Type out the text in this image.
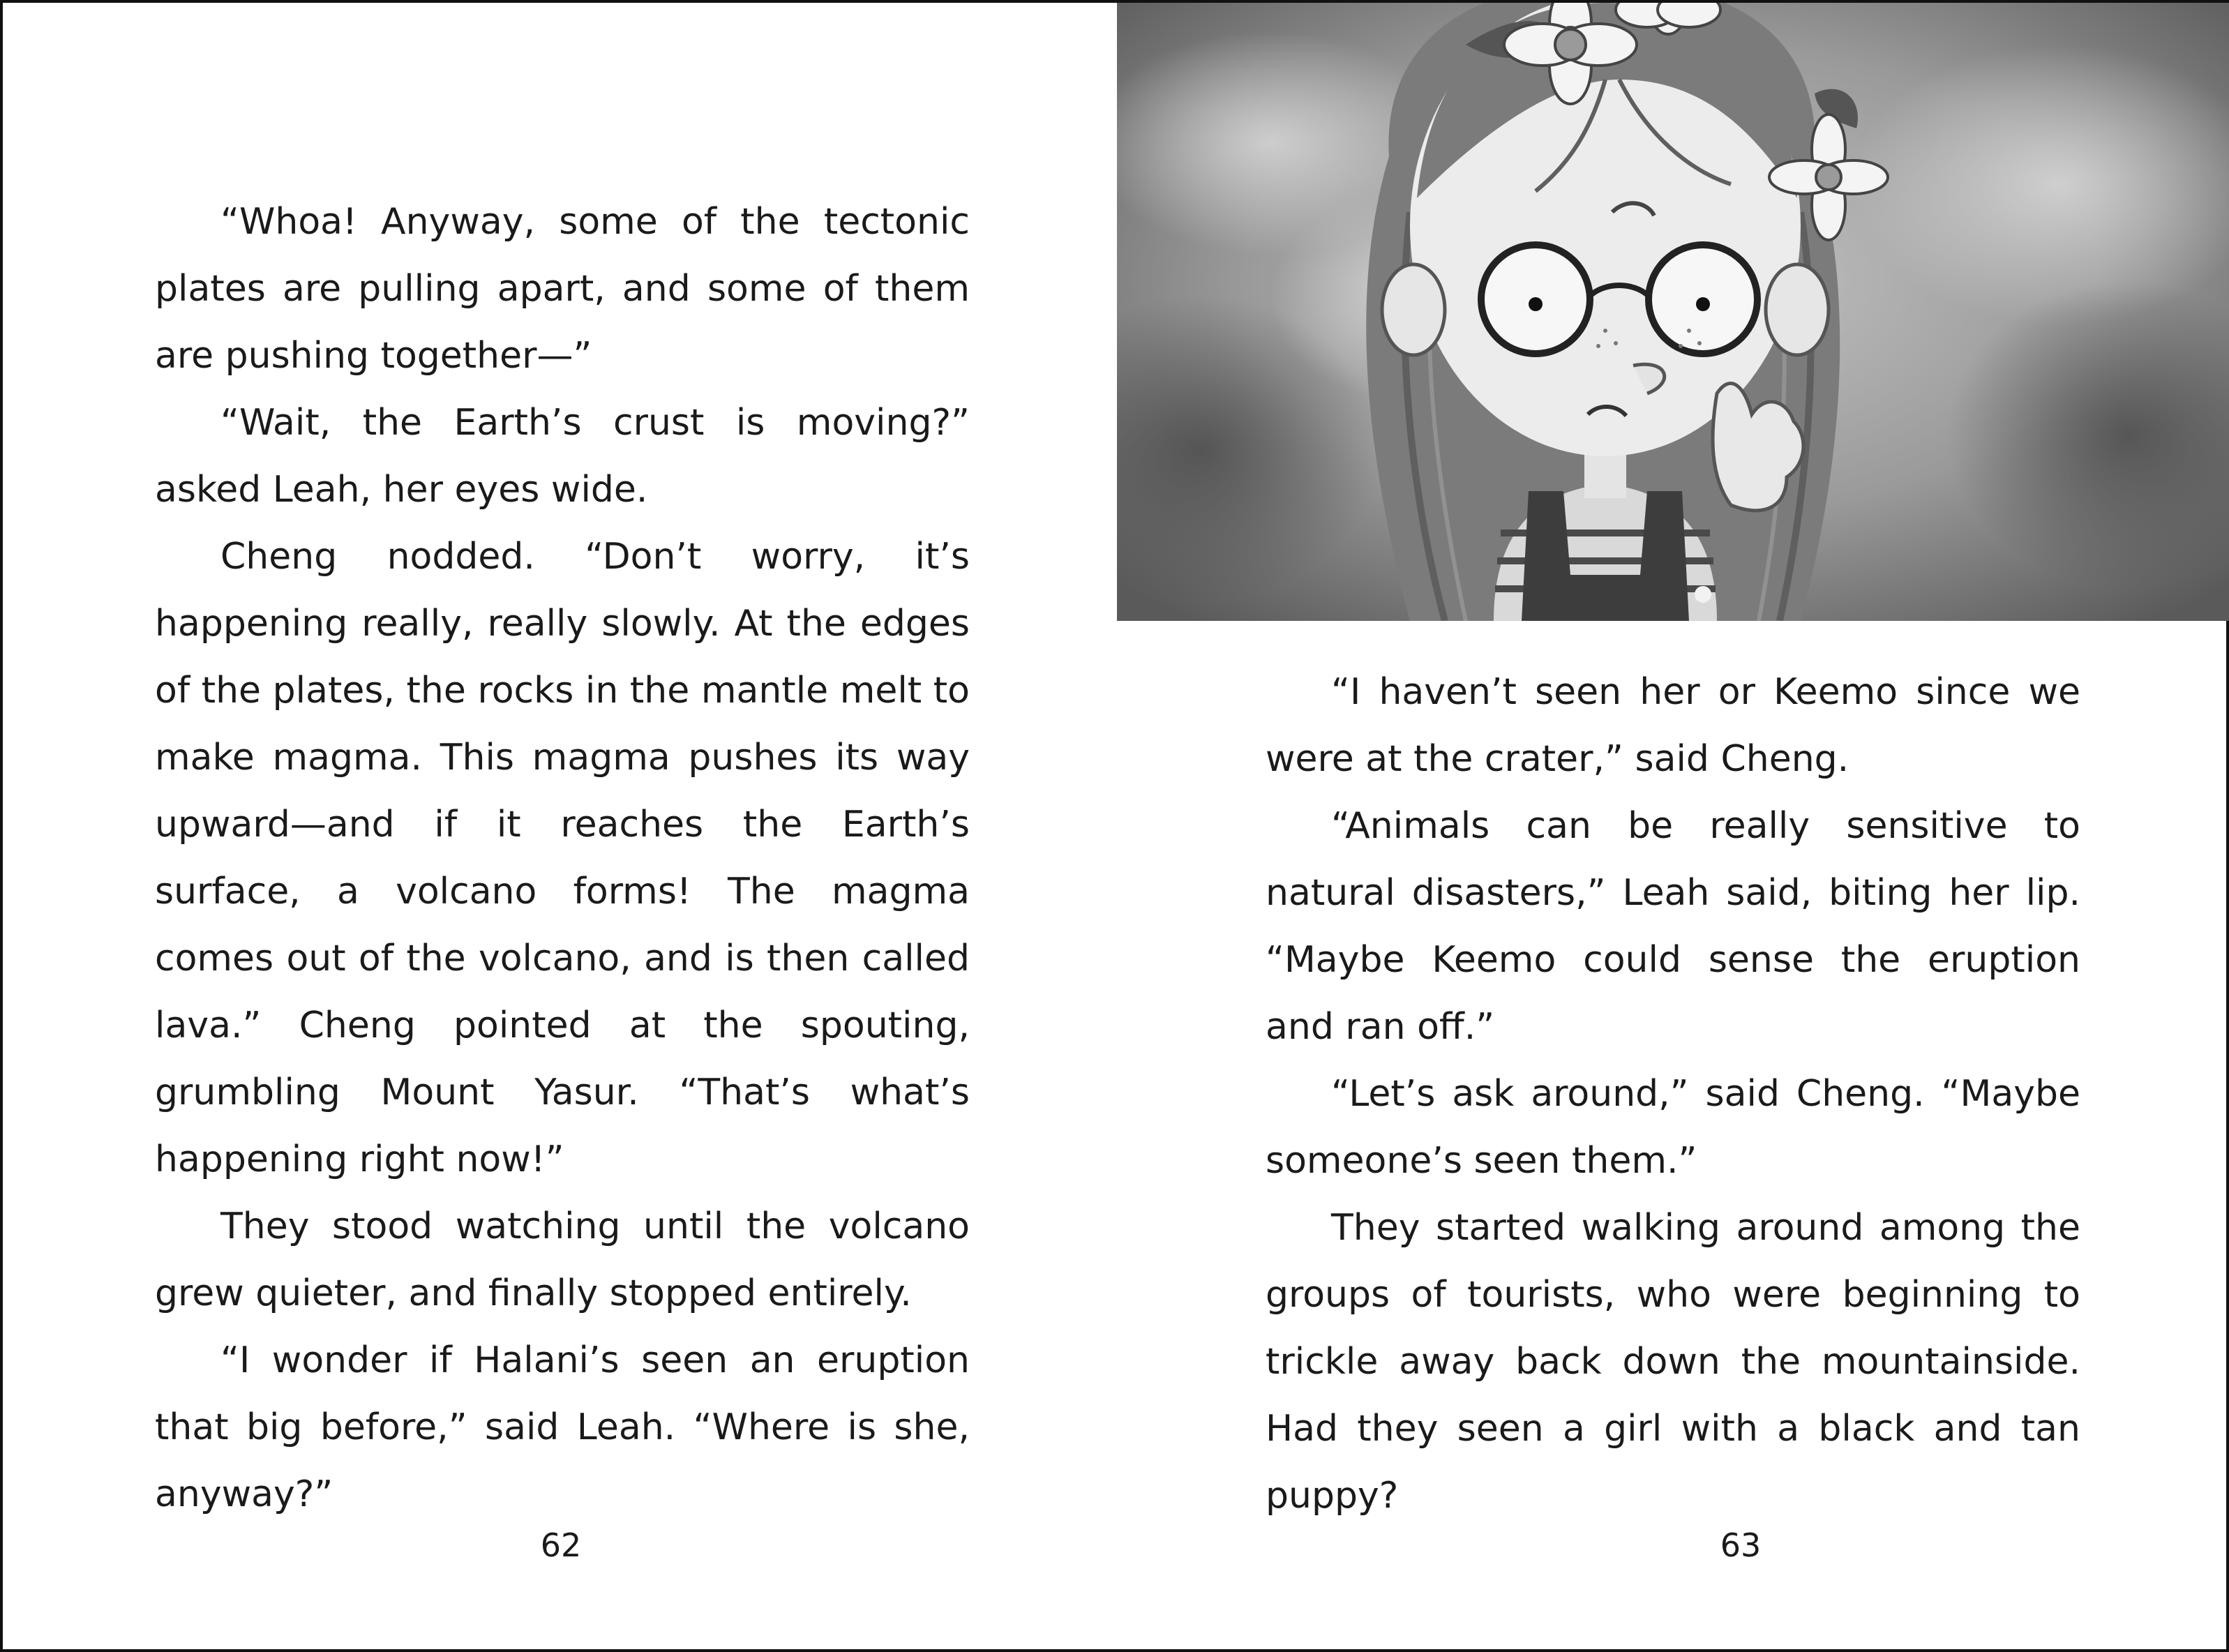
“Whoa! Anyway, some of the tectonic plates are pulling apart, and some of them are pushing together—”

“Wait, the Earth’s crust is moving?” asked Leah, her eyes wide.

Cheng nodded. “Don’t worry, it’s happening really, really slowly. At the edges of the plates, the rocks in the mantle melt to make magma. This magma pushes its way upward—and if it reaches the Earth’s surface, a volcano forms! The magma comes out of the volcano, and is then called lava.” Cheng pointed at the spouting, grumbling Mount Yasur. “That’s what’s happening right now!”

They stood watching until the volcano grew quieter, and finally stopped entirely.

“I wonder if Halani’s seen an eruption that big before,” said Leah. “Where is she, anyway?”

62

“I haven’t seen her or Keemo since we were at the crater,” said Cheng.

“Animals can be really sensitive to natural disasters,” Leah said, biting her lip. “Maybe Keemo could sense the eruption and ran off.”

“Let’s ask around,” said Cheng. “Maybe someone’s seen them.”

They started walking around among the groups of tourists, who were beginning to trickle away back down the mountainside. Had they seen a girl with a black and tan puppy?

63
